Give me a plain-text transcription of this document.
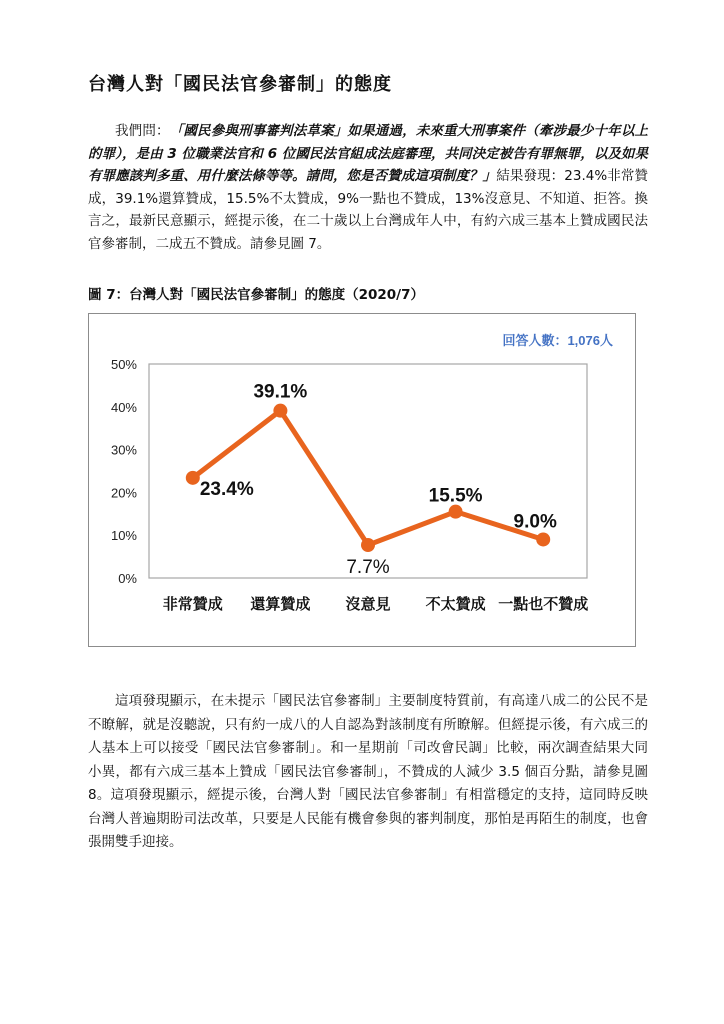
台灣人對「國民法官參審制」的態度

我們問：「國民參與刑事審判法草案」如果通過，未來重大刑事案件（牽涉最少十年以上的罪），是由 3 位職業法官和 6 位國民法官組成法庭審理，共同決定被告有罪無罪，以及如果有罪應該判多重、用什麼法條等等。請問，您是否贊成這項制度？」結果發現：23.4%非常贊成，39.1%還算贊成，15.5%不太贊成，9%一點也不贊成，13%沒意見、不知道、拒答。換言之，最新民意顯示，經提示後，在二十歲以上台灣成年人中，有約六成三基本上贊成國民法官參審制，二成五不贊成。請參見圖 7。

圖 7：台灣人對「國民法官參審制」的態度（2020/7）

0%
10%
20%
30%
40%
50%
非常贊成 還算贊成 沒意見 不太贊成 一點也不贊成
23.4%
39.1%
7.7%
15.5%
9.0%
回答人數：1,076人

這項發現顯示，在未提示「國民法官參審制」主要制度特質前，有高達八成二的公民不是不瞭解，就是沒聽說，只有約一成八的人自認為對該制度有所瞭解。但經提示後，有六成三的人基本上可以接受「國民法官參審制」。和一星期前「司改會民調」比較，兩次調查結果大同小異，都有六成三基本上贊成「國民法官參審制」，不贊成的人減少 3.5 個百分點，請參見圖 8。這項發現顯示，經提示後，台灣人對「國民法官參審制」有相當穩定的支持，這同時反映台灣人普遍期盼司法改革，只要是人民能有機會參與的審判制度，那怕是再陌生的制度，也會張開雙手迎接。
